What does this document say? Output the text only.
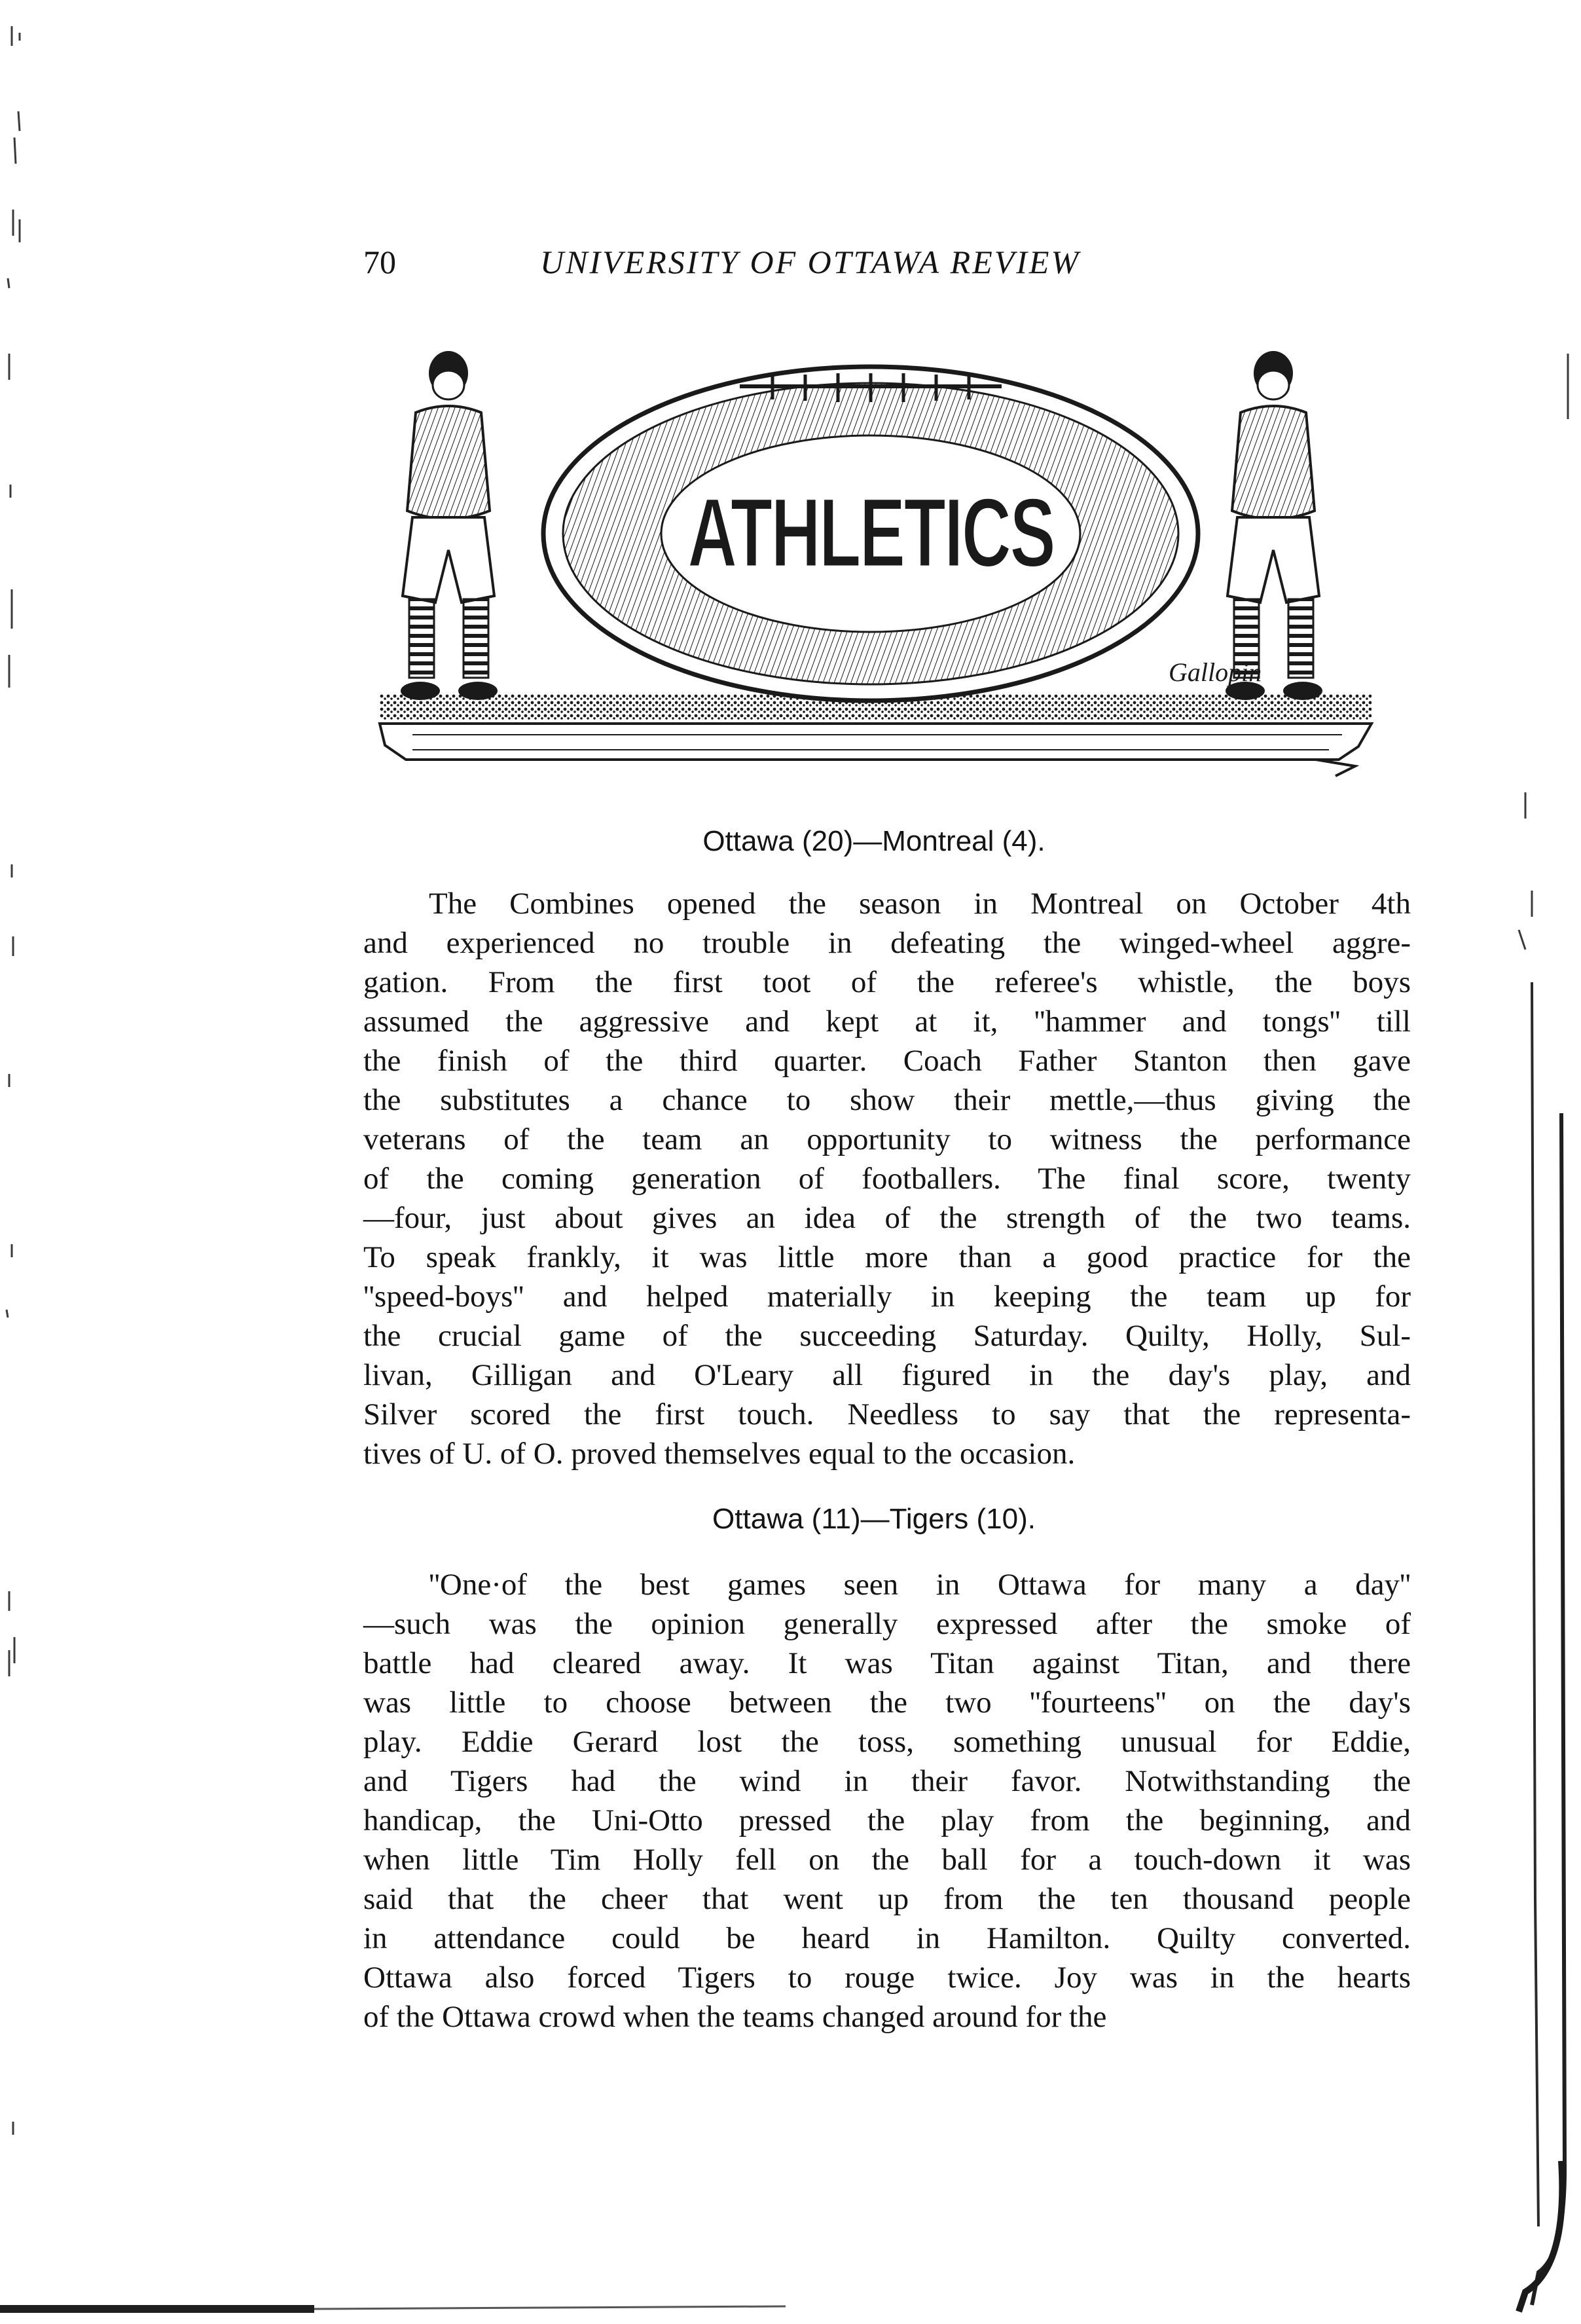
70	UNIVERSITY OF OTTAWA REVIEW
ATHLETICS
Gallopin
Ottawa (20)—Montreal (4).
The Combines opened the season in Montreal on October 4th
and experienced no trouble in defeating the winged-wheel aggre-
gation. From the first toot of the referee's whistle, the boys
assumed the aggressive and kept at it, ''hammer and tongs'' till
the finish of the third quarter. Coach Father Stanton then gave
the substitutes a chance to show their mettle,—thus giving the
veterans of the team an opportunity to witness the performance
of the coming generation of footballers. The final score, twenty
—four, just about gives an idea of the strength of the two teams.
To speak frankly, it was little more than a good practice for the
''speed-boys'' and helped materially in keeping the team up for
the crucial game of the succeeding Saturday. Quilty, Holly, Sul-
livan, Gilligan and O'Leary all figured in the day's play, and
Silver scored the first touch. Needless to say that the representa-
tives of U. of O. proved themselves equal to the occasion.
Ottawa (11)—Tigers (10).
''One·of the best games seen in Ottawa for many a day''
—such was the opinion generally expressed after the smoke of
battle had cleared away. It was Titan against Titan, and there
was little to choose between the two ''fourteens'' on the day's
play. Eddie Gerard lost the toss, something unusual for Eddie,
and Tigers had the wind in their favor. Notwithstanding the
handicap, the Uni-Otto pressed the play from the beginning, and
when little Tim Holly fell on the ball for a touch-down it was
said that the cheer that went up from the ten thousand people
in attendance could be heard in Hamilton. Quilty converted.
Ottawa also forced Tigers to rouge twice. Joy was in the hearts
of the Ottawa crowd when the teams changed around for the
